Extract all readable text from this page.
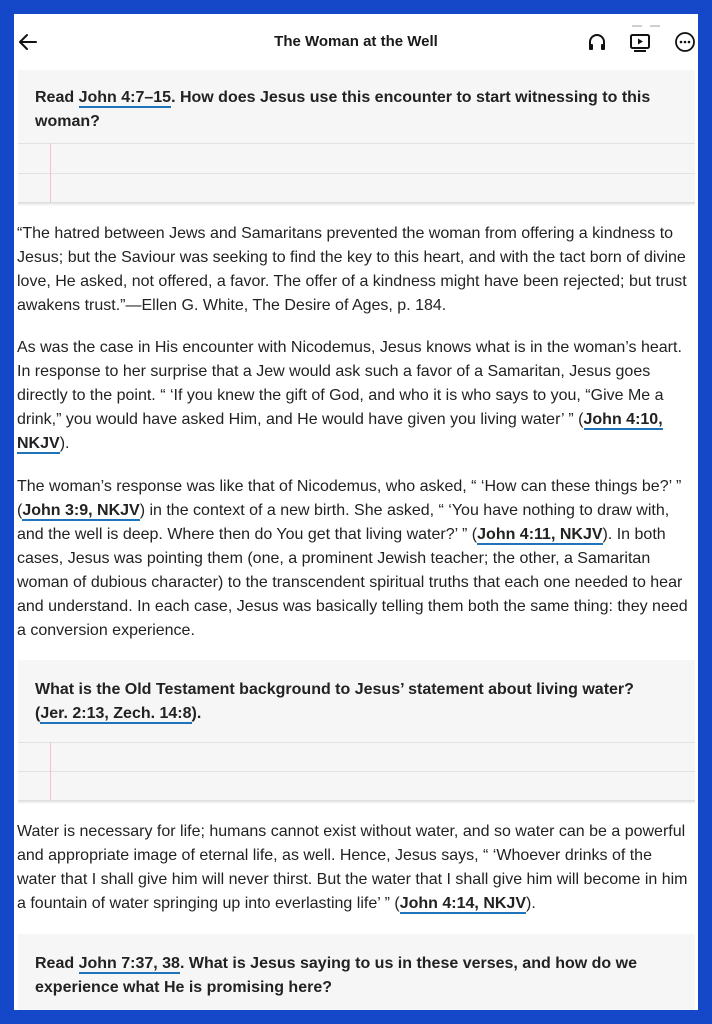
The Woman at the Well
Read John 4:7–15. How does Jesus use this encounter to start witnessing to this woman?
“The hatred between Jews and Samaritans prevented the woman from offering a kindness to Jesus; but the Saviour was seeking to find the key to this heart, and with the tact born of divine love, He asked, not offered, a favor. The offer of a kindness might have been rejected; but trust awakens trust.”—Ellen G. White, The Desire of Ages, p. 184.
As was the case in His encounter with Nicodemus, Jesus knows what is in the woman’s heart. In response to her surprise that a Jew would ask such a favor of a Samaritan, Jesus goes directly to the point. “ ‘If you knew the gift of God, and who it is who says to you, “Give Me a drink,” you would have asked Him, and He would have given you living water’ ” (John 4:10, NKJV).
The woman’s response was like that of Nicodemus, who asked, “ ‘How can these things be?’ ” (John 3:9, NKJV) in the context of a new birth. She asked, “ ‘You have nothing to draw with, and the well is deep. Where then do You get that living water?’ ” (John 4:11, NKJV). In both cases, Jesus was pointing them (one, a prominent Jewish teacher; the other, a Samaritan woman of dubious character) to the transcendent spiritual truths that each one needed to hear and understand. In each case, Jesus was basically telling them both the same thing: they need a conversion experience.
What is the Old Testament background to Jesus’ statement about living water? (Jer. 2:13, Zech. 14:8).
Water is necessary for life; humans cannot exist without water, and so water can be a powerful and appropriate image of eternal life, as well. Hence, Jesus says, “ ‘Whoever drinks of the water that I shall give him will never thirst. But the water that I shall give him will become in him a fountain of water springing up into everlasting life’ ” (John 4:14, NKJV).
Read John 7:37, 38. What is Jesus saying to us in these verses, and how do we experience what He is promising here?
